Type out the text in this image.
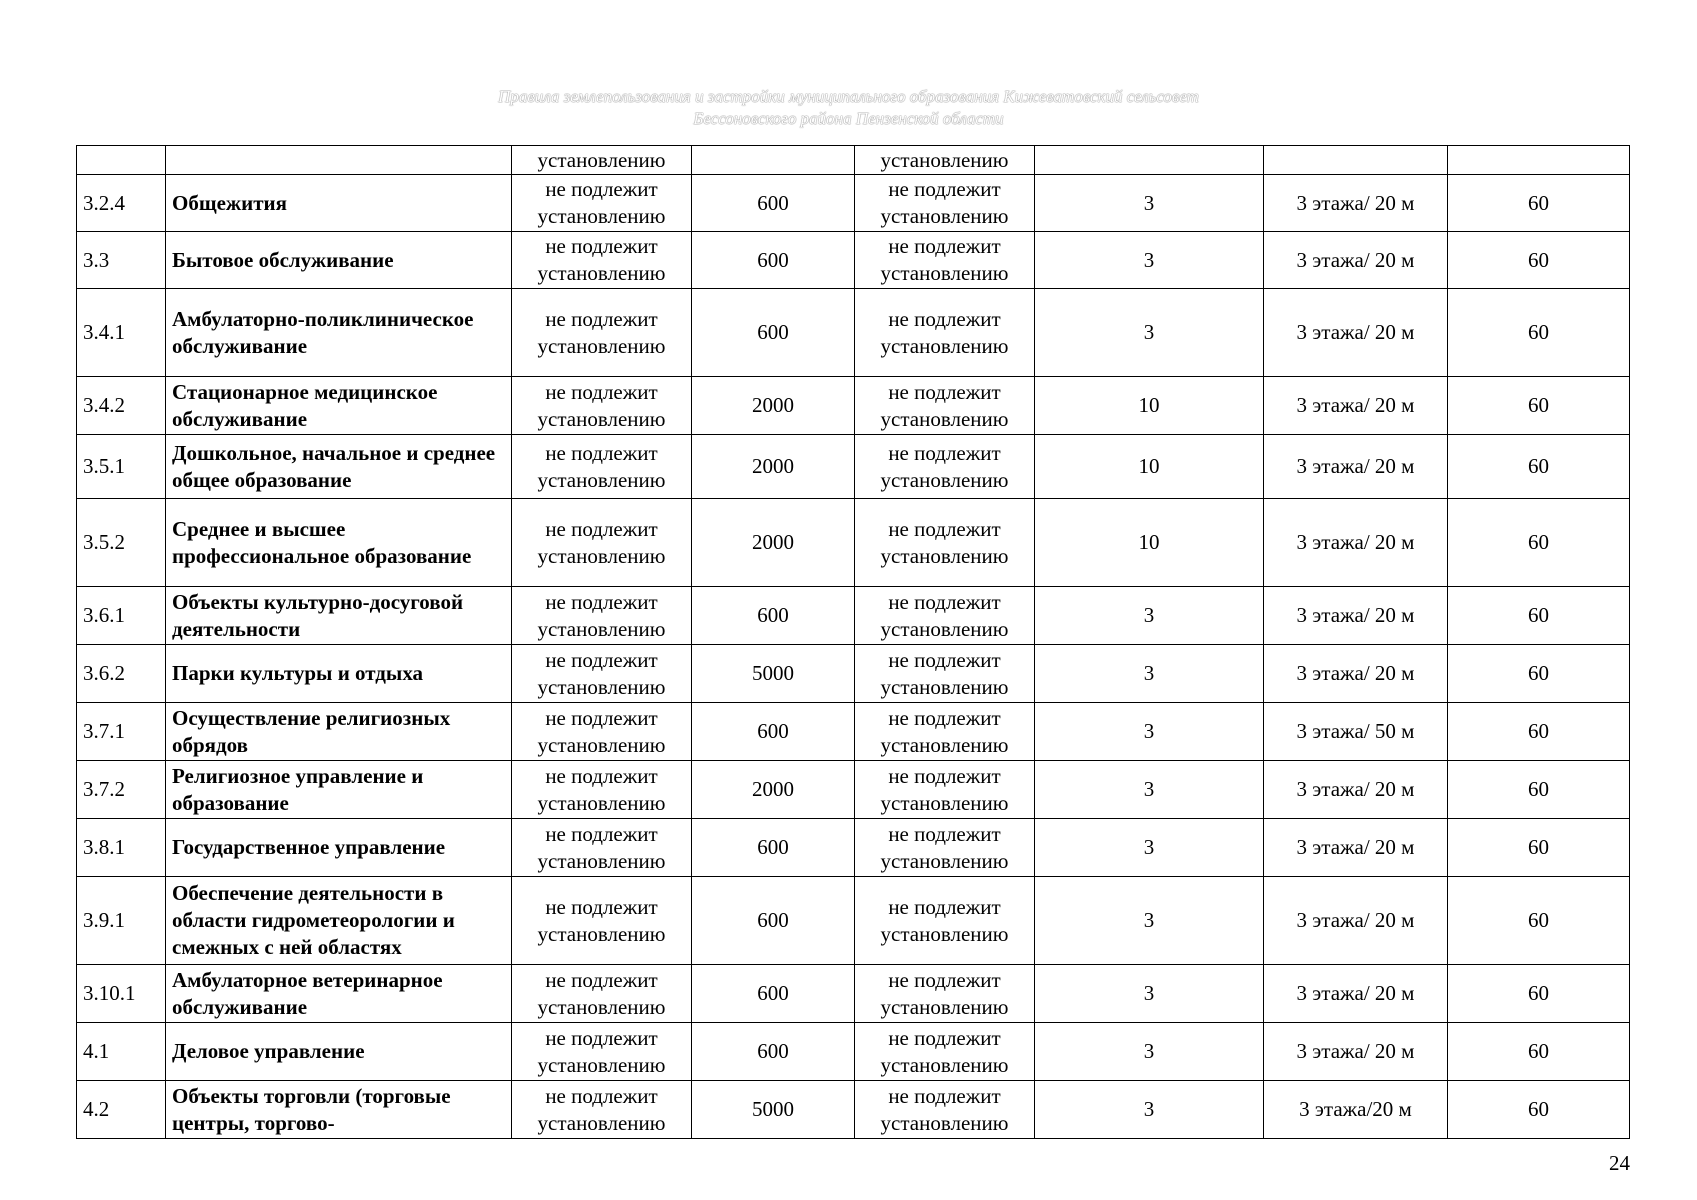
Правила землепользования и застройки муниципального образования Кижеватовский сельсовет
Бессоновского района Пензенской области
		установлению		установлению			
3.2.4	Общежития	не подлежит установлению	600	не подлежит установлению	3	3 этажа/ 20 м	60
3.3	Бытовое обслуживание	не подлежит установлению	600	не подлежит установлению	3	3 этажа/ 20 м	60
3.4.1	Амбулаторно-поликлиническое обслуживание	не подлежит установлению	600	не подлежит установлению	3	3 этажа/ 20 м	60
3.4.2	Стационарное медицинское обслуживание	не подлежит установлению	2000	не подлежит установлению	10	3 этажа/ 20 м	60
3.5.1	Дошкольное, начальное и среднее общее образование	не подлежит установлению	2000	не подлежит установлению	10	3 этажа/ 20 м	60
3.5.2	Среднее и высшее профессиональное образование	не подлежит установлению	2000	не подлежит установлению	10	3 этажа/ 20 м	60
3.6.1	Объекты культурно-досуговой деятельности	не подлежит установлению	600	не подлежит установлению	3	3 этажа/ 20 м	60
3.6.2	Парки культуры и отдыха	не подлежит установлению	5000	не подлежит установлению	3	3 этажа/ 20 м	60
3.7.1	Осуществление религиозных обрядов	не подлежит установлению	600	не подлежит установлению	3	3 этажа/ 50 м	60
3.7.2	Религиозное управление и образование	не подлежит установлению	2000	не подлежит установлению	3	3 этажа/ 20 м	60
3.8.1	Государственное управление	не подлежит установлению	600	не подлежит установлению	3	3 этажа/ 20 м	60
3.9.1	Обеспечение деятельности в области гидрометеорологии и смежных с ней областях	не подлежит установлению	600	не подлежит установлению	3	3 этажа/ 20 м	60
3.10.1	Амбулаторное ветеринарное обслуживание	не подлежит установлению	600	не подлежит установлению	3	3 этажа/ 20 м	60
4.1	Деловое управление	не подлежит установлению	600	не подлежит установлению	3	3 этажа/ 20 м	60
4.2	Объекты торговли (торговые центры, торгово-	не подлежит установлению	5000	не подлежит установлению	3	3 этажа/20 м	60
24
